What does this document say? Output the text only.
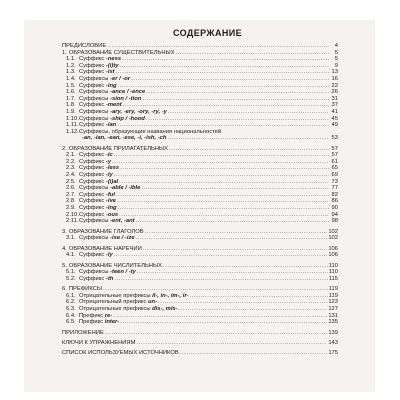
СОДЕРЖАНИЕ
ПРЕДИСЛОВИЕ .....	4
1. ОБРАЗОВАНИЕ СУЩЕСТВИТЕЛЬНЫХ .....	5
1.1. Суффикс -ness .....	5
1.2. Суффикс -(i)ty .....	9
1.3. Суффикс -ist .....	13
1.4. Суффиксы -er / -or .....	16
1.5. Суффикс -ing .....	22
1.6. Суффиксы -ance / -ence .....	26
1.7. Суффиксы -sion / -tion .....	31
1.8. Суффикс -ment .....	37
1.9. Суффиксы -ary, -ery, -ory, -ry, -y .....	41
1.10. Суффиксы -ship / -hood .....	45
1.11. Суффикс -ian .....	49
1.12. Суффиксы, образующие названия национальностей
-an, -ian, -ean, -ese, -i, -ish, -ch .....	53
2. ОБРАЗОВАНИЕ ПРИЛАГАТЕЛЬНЫХ .....	57
2.1. Суффикс -ic .....	57
2.2. Суффикс -y .....	61
2.3. Суффикс -less .....	65
2.4. Суффикс -ly .....	69
2.5. Суффикс -(i)al .....	73
2.6. Суффиксы -able / -ible .....	77
2.7. Суффикс -ful .....	82
2.8. Суффикс -ive .....	86
2.9. Суффикс -ing .....	90
2.10. Суффикс -ous .....	94
2.11. Суффиксы -ent, -ant .....	98
3. ОБРАЗОВАНИЕ ГЛАГОЛОВ .....	102
3.1. Суффиксы -ise / -ize .....	102
4. ОБРАЗОВАНИЕ НАРЕЧИЙ .....	106
4.1. Суффикс -ly .....	106
5. ОБРАЗОВАНИЕ ЧИСЛИТЕЛЬНЫХ .....	110
5.1. Суффиксы -teen / -ty .....	110
5.2. Суффикс -th .....	115
6. ПРЕФИКСЫ .....	119
6.1. Отрицательные префиксы il-, in-, im-, ir- .....	119
6.2. Отрицательный префикс un- .....	123
6.3. Отрицательные префиксы dis-, mis- .....	127
6.4. Префикс re- .....	131
6.5. Префикс inter- .....	135
ПРИЛОЖЕНИЕ .....	139
КЛЮЧИ К УПРАЖНЕНИЯМ .....	143
СПИСОК ИСПОЛЬЗУЕМЫХ ИСТОЧНИКОВ .....	175
